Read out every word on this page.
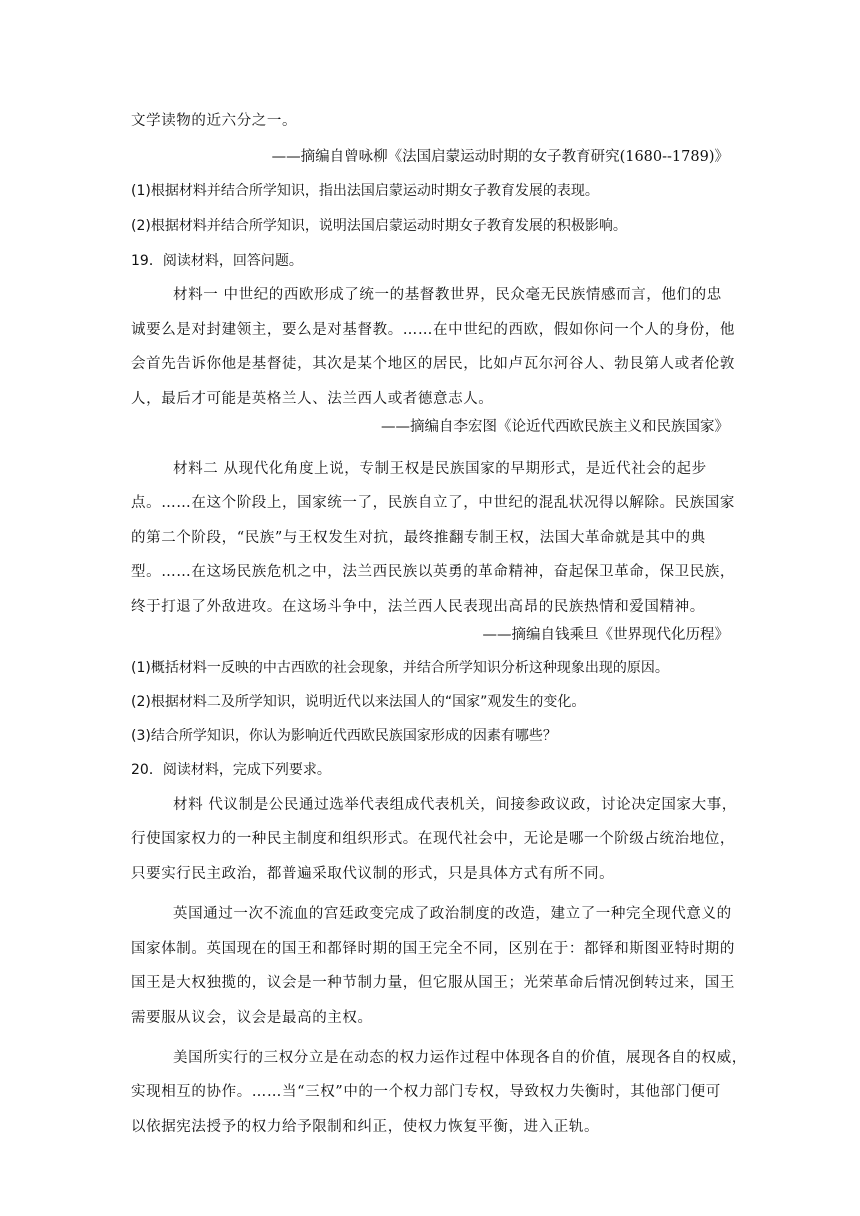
文学读物的近六分之一。

——摘编自曾咏柳《法国启蒙运动时期的女子教育研究(1680--1789)》

(1)根据材料并结合所学知识，指出法国启蒙运动时期女子教育发展的表现。

(2)根据材料并结合所学知识，说明法国启蒙运动时期女子教育发展的积极影响。

19．阅读材料，回答问题。

材料一 中世纪的西欧形成了统一的基督教世界，民众毫无民族情感而言，他们的忠

诚要么是对封建领主，要么是对基督教。……在中世纪的西欧，假如你问一个人的身份，他

会首先告诉你他是基督徒，其次是某个地区的居民，比如卢瓦尔河谷人、勃艮第人或者伦敦

人，最后才可能是英格兰人、法兰西人或者德意志人。

——摘编自李宏图《论近代西欧民族主义和民族国家》

材料二 从现代化角度上说，专制王权是民族国家的早期形式，是近代社会的起步

点。……在这个阶段上，国家统一了，民族自立了，中世纪的混乱状况得以解除。民族国家

的第二个阶段，“民族”与王权发生对抗，最终推翻专制王权，法国大革命就是其中的典

型。……在这场民族危机之中，法兰西民族以英勇的革命精神，奋起保卫革命，保卫民族，

终于打退了外敌进攻。在这场斗争中，法兰西人民表现出高昂的民族热情和爱国精神。

——摘编自钱乘旦《世界现代化历程》

(1)概括材料一反映的中古西欧的社会现象，并结合所学知识分析这种现象出现的原因。

(2)根据材料二及所学知识，说明近代以来法国人的“国家”观发生的变化。

(3)结合所学知识，你认为影响近代西欧民族国家形成的因素有哪些？

20．阅读材料，完成下列要求。

材料 代议制是公民通过选举代表组成代表机关，间接参政议政，讨论决定国家大事，

行使国家权力的一种民主制度和组织形式。在现代社会中，无论是哪一个阶级占统治地位，

只要实行民主政治，都普遍采取代议制的形式，只是具体方式有所不同。

英国通过一次不流血的宫廷政变完成了政治制度的改造，建立了一种完全现代意义的

国家体制。英国现在的国王和都铎时期的国王完全不同，区别在于：都铎和斯图亚特时期的

国王是大权独揽的，议会是一种节制力量，但它服从国王；光荣革命后情况倒转过来，国王

需要服从议会，议会是最高的主权。

美国所实行的三权分立是在动态的权力运作过程中体现各自的价值，展现各自的权威，

实现相互的协作。……当“三权”中的一个权力部门专权，导致权力失衡时，其他部门便可

以依据宪法授予的权力给予限制和纠正，使权力恢复平衡，进入正轨。
